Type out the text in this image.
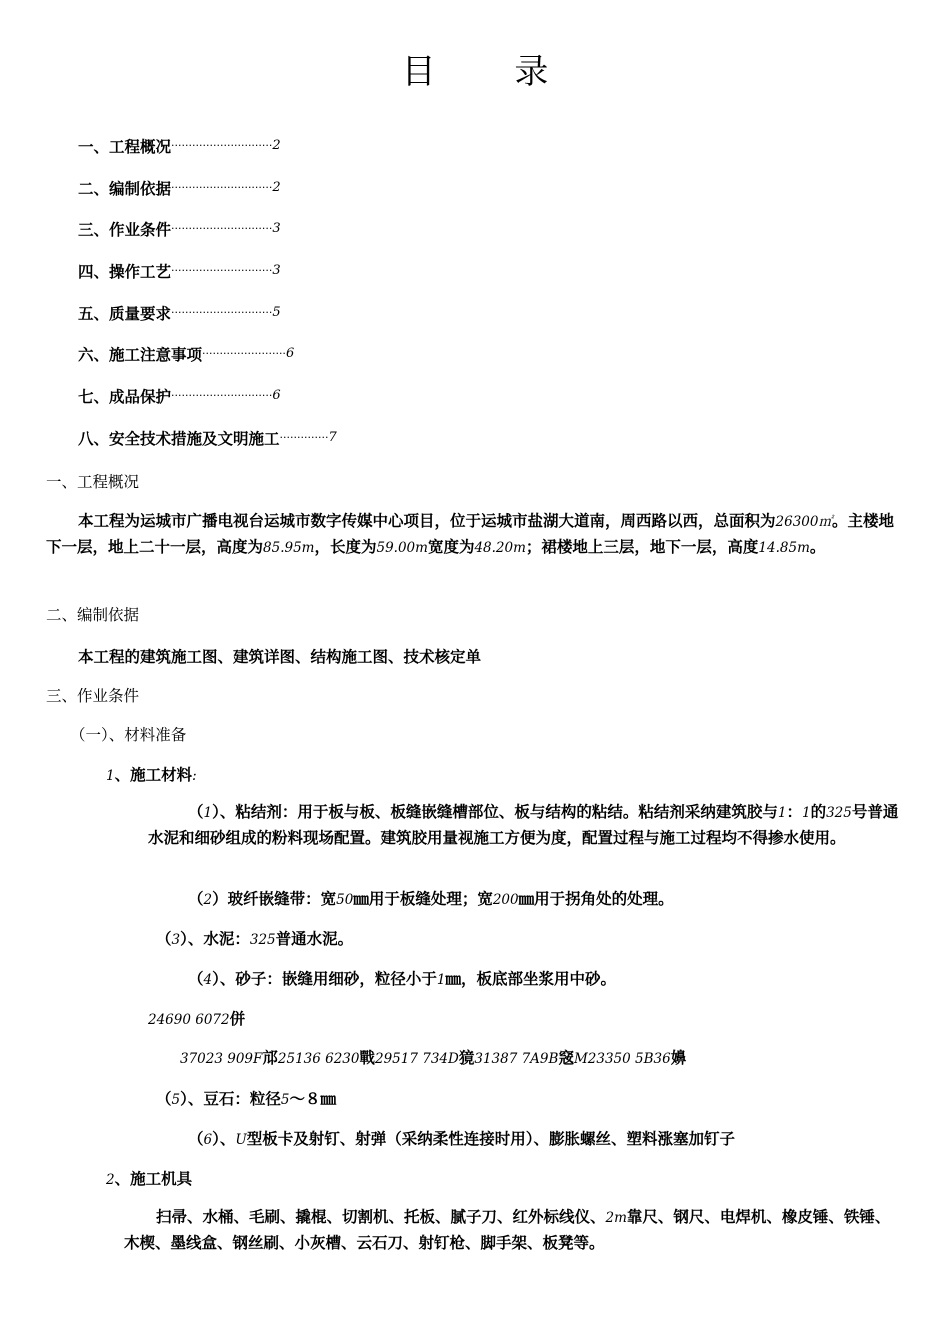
目 录
一、工程概况 ····························· 2
二、编制依据 ····························· 2
三、作业条件 ····························· 3
四、操作工艺 ····························· 3
五、质量要求 ····························· 5
六、施工注意事项 ························ 6
七、成品保护 ····························· 6
八、安全技术措施及文明施工 ·············· 7
一、工程概况
本工程为运城市广播电视台运城市数字传媒中心项目，位于运城市盐湖大道南，周西路以西，总面积为26300㎡。主楼地下一层，地上二十一层，高度为85.95m，长度为59.00m宽度为48.20m；裙楼地上三层，地下一层，高度14.85m。
二、编制依据
本工程的建筑施工图、建筑详图、结构施工图、技术核定单
三、作业条件
（一）、材料准备
1、施工材料:
（1）、粘结剂：用于板与板、板缝嵌缝槽部位、板与结构的粘结。粘结剂采纳建筑胶与1：1的325号普通水泥和细砂组成的粉料现场配置。建筑胶用量视施工方便为度，配置过程与施工过程均不得掺水使用。
（2）玻纤嵌缝带：宽50㎜用于板缝处理；宽200㎜用于拐角处的处理。
（3）、水泥：325普通水泥。
（4）、砂子：嵌缝用细砂，粒径小于1㎜，板底部坐浆用中砂。
24690 6072併
37023 909F邟25136 6230戰29517 734D獍31387 7A9B窛M23350 5B36嬶
（5）、豆石：粒径5～８㎜
（6）、U型板卡及射钉、射弹（采纳柔性连接时用）、膨胀螺丝、塑料涨塞加钉子
2、施工机具
扫帚、水桶、毛刷、撬棍、切割机、托板、腻子刀、红外标线仪、2m靠尺、钢尺、电焊机、橡皮锤、铁锤、木楔、墨线盒、钢丝刷、小灰槽、云石刀、射钉枪、脚手架、板凳等。
